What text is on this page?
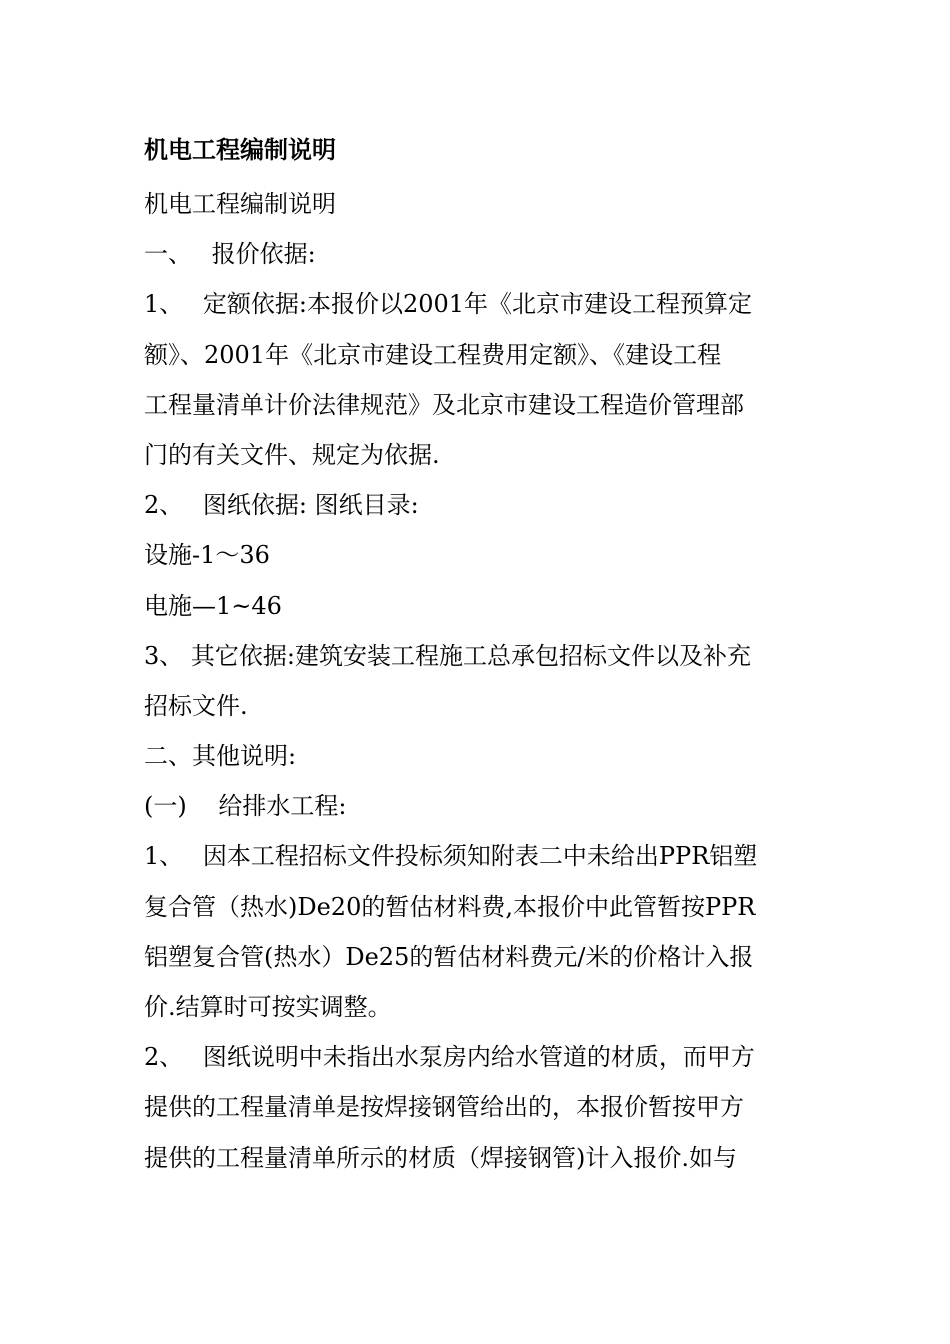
机电工程编制说明
机电工程编制说明
一、　 报价依据:
1、　 定额依据:本报价以2001年《北京市建设工程预算定
额》、2001年《北京市建设工程费用定额》、《建设工程
工程量清单计价法律规范》及北京市建设工程造价管理部
门的有关文件、规定为依据.
2、　 图纸依据: 图纸目录:
设施-1～36
电施—1~46
3、 其它依据:建筑安装工程施工总承包招标文件以及补充
招标文件.
二、其他说明:
(一)　 给排水工程:
1、　 因本工程招标文件投标须知附表二中未给出PPR铝塑
复合管（热水)De20的暂估材料费,本报价中此管暂按PPR
铝塑复合管(热水）De25的暂估材料费元/米的价格计入报
价.结算时可按实调整。
2、　 图纸说明中未指出水泵房内给水管道的材质，而甲方
提供的工程量清单是按焊接钢管给出的，本报价暂按甲方
提供的工程量清单所示的材质（焊接钢管)计入报价.如与
